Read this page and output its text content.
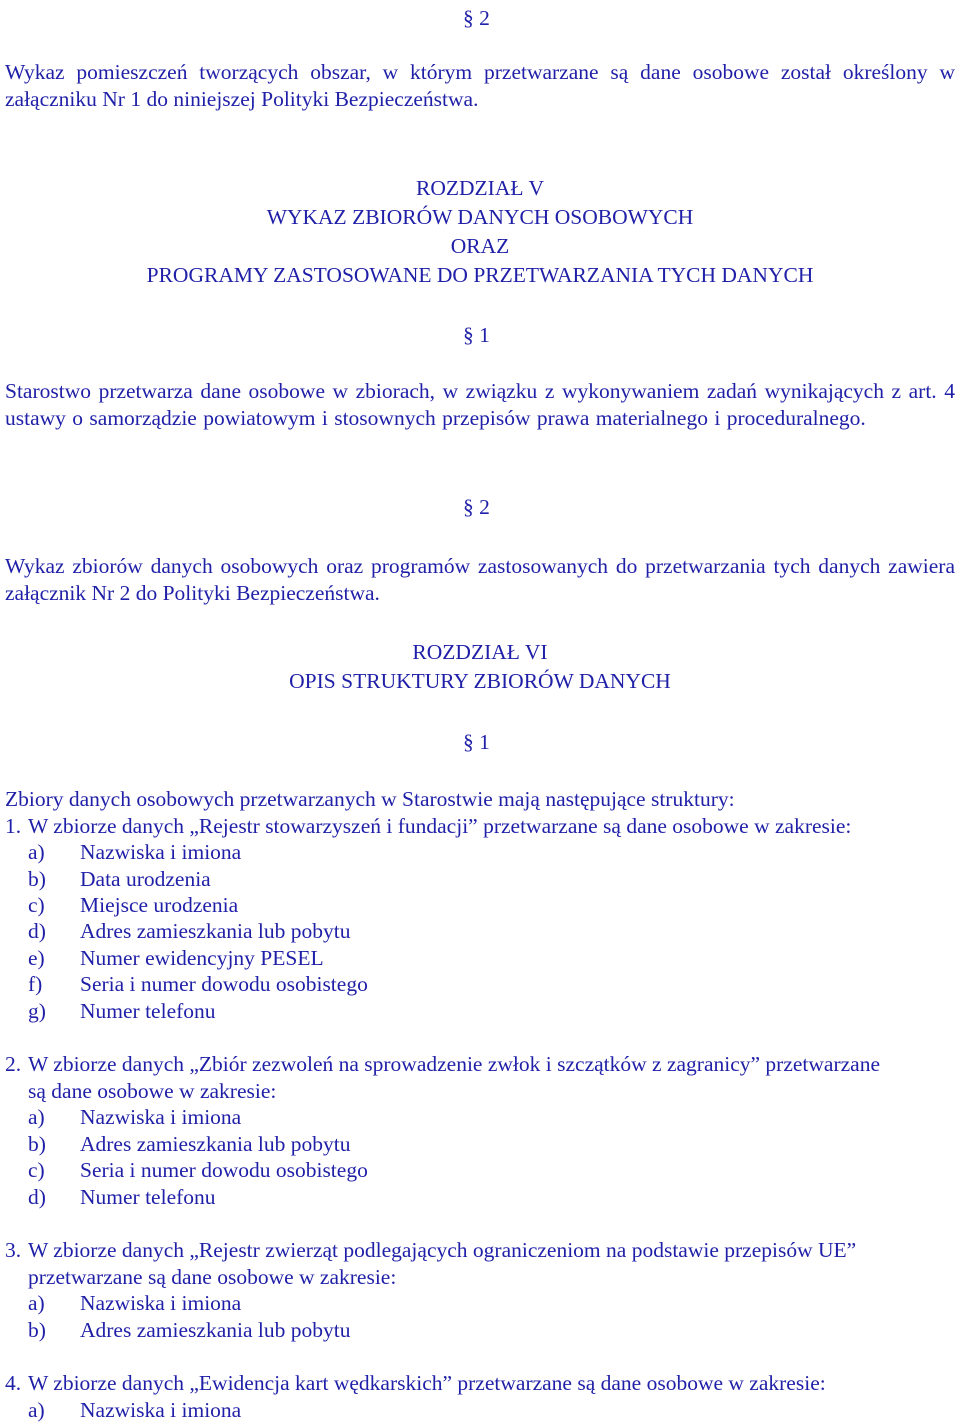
§ 2
Wykaz pomieszczeń tworzących obszar, w którym przetwarzane są dane osobowe został określony w załączniku Nr 1 do niniejszej Polityki Bezpieczeństwa.
ROZDZIAŁ V
WYKAZ ZBIORÓW DANYCH OSOBOWYCH
ORAZ
PROGRAMY ZASTOSOWANE DO PRZETWARZANIA TYCH DANYCH
§ 1
Starostwo przetwarza dane osobowe w zbiorach, w związku z wykonywaniem zadań wynikających z art. 4 ustawy o samorządzie powiatowym i stosownych przepisów prawa materialnego i proceduralnego.
§ 2
Wykaz zbiorów danych osobowych oraz programów zastosowanych do przetwarzania tych danych zawiera załącznik Nr 2 do Polityki Bezpieczeństwa.
ROZDZIAŁ VI
OPIS STRUKTURY ZBIORÓW DANYCH
§ 1
Zbiory danych osobowych przetwarzanych w Starostwie mają następujące struktury:
1. W zbiorze danych „Rejestr stowarzyszeń i fundacji” przetwarzane są dane osobowe w zakresie:
a) Nazwiska i imiona
b) Data urodzenia
c) Miejsce urodzenia
d) Adres zamieszkania lub pobytu
e) Numer ewidencyjny PESEL
f) Seria i numer dowodu osobistego
g) Numer telefonu
2. W zbiorze danych „Zbiór zezwoleń na sprowadzenie zwłok i szczątków z zagranicy” przetwarzane
są dane osobowe w zakresie:
a) Nazwiska i imiona
b) Adres zamieszkania lub pobytu
c) Seria i numer dowodu osobistego
d) Numer telefonu
3. W zbiorze danych „Rejestr zwierząt podlegających ograniczeniom na podstawie przepisów UE”
przetwarzane są dane osobowe w zakresie:
a) Nazwiska i imiona
b) Adres zamieszkania lub pobytu
4. W zbiorze danych „Ewidencja kart wędkarskich” przetwarzane są dane osobowe w zakresie:
a) Nazwiska i imiona
